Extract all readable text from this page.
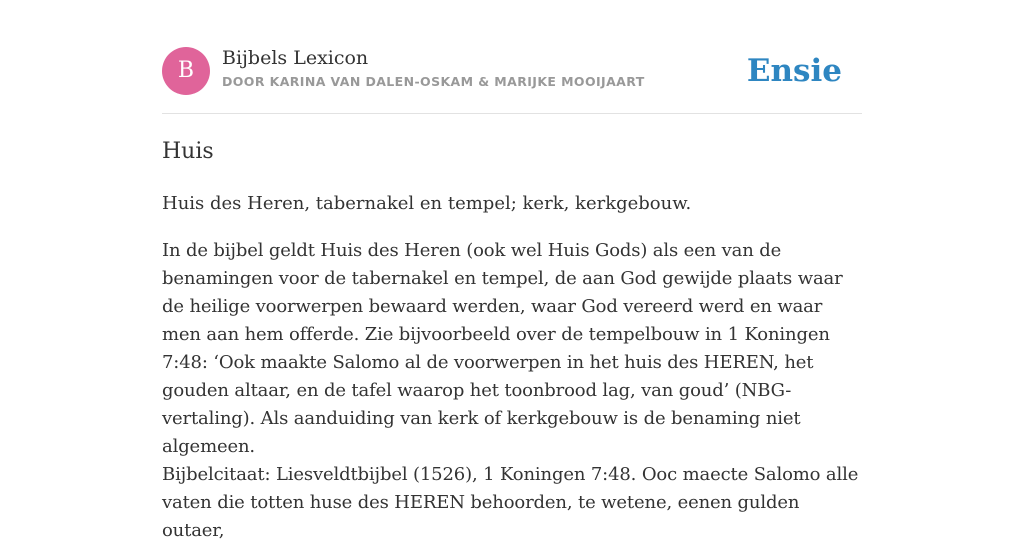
B	Bijbels Lexicon
DOOR KARINA VAN DALEN-OSKAM & MARIJKE MOOIJAART	Ensie
Huis

Huis des Heren, tabernakel en tempel; kerk, kerkgebouw.

In de bijbel geldt Huis des Heren (ook wel Huis Gods) als een van de benamingen voor de tabernakel en tempel, de aan God gewijde plaats waar de heilige voorwerpen bewaard werden, waar God vereerd werd en waar men aan hem offerde. Zie bijvoorbeeld over de tempelbouw in 1 Koningen 7:48: ‘Ook maakte Salomo al de voorwerpen in het huis des HEREN, het gouden altaar, en de tafel waarop het toonbrood lag, van goud’ (NBG-vertaling). Als aanduiding van kerk of kerkgebouw is de benaming niet algemeen.

Bijbelcitaat: Liesveldtbijbel (1526), 1 Koningen 7:48. Ooc maecte Salomo alle vaten die totten huse des HEREN behoorden, te wetene, eenen gulden outaer,
